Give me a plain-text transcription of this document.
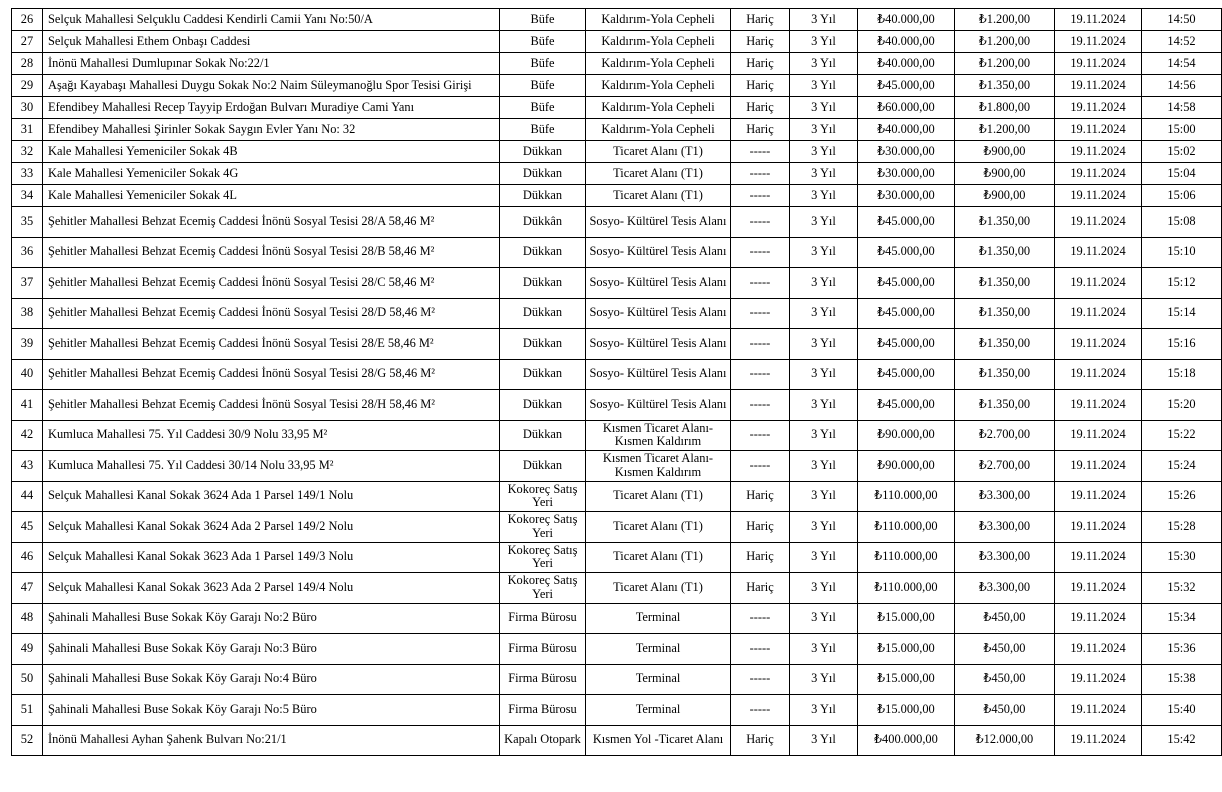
26	Selçuk Mahallesi Selçuklu Caddesi Kendirli Camii Yanı No:50/A	Büfe	Kaldırım-Yola Cepheli	Hariç	3 Yıl	₺40.000,00	₺1.200,00	19.11.2024	14:50
27	Selçuk Mahallesi Ethem Onbaşı Caddesi	Büfe	Kaldırım-Yola Cepheli	Hariç	3 Yıl	₺40.000,00	₺1.200,00	19.11.2024	14:52
28	İnönü Mahallesi Dumlupınar Sokak No:22/1	Büfe	Kaldırım-Yola Cepheli	Hariç	3 Yıl	₺40.000,00	₺1.200,00	19.11.2024	14:54
29	Aşağı Kayabaşı Mahallesi Duygu Sokak No:2 Naim Süleymanoğlu Spor Tesisi Girişi	Büfe	Kaldırım-Yola Cepheli	Hariç	3 Yıl	₺45.000,00	₺1.350,00	19.11.2024	14:56
30	Efendibey Mahallesi Recep Tayyip Erdoğan Bulvarı Muradiye Cami Yanı	Büfe	Kaldırım-Yola Cepheli	Hariç	3 Yıl	₺60.000,00	₺1.800,00	19.11.2024	14:58
31	Efendibey Mahallesi Şirinler Sokak Saygın Evler Yanı No: 32	Büfe	Kaldırım-Yola Cepheli	Hariç	3 Yıl	₺40.000,00	₺1.200,00	19.11.2024	15:00
32	Kale Mahallesi Yemeniciler Sokak 4B	Dükkan	Ticaret Alanı (T1)	-----	3 Yıl	₺30.000,00	₺900,00	19.11.2024	15:02
33	Kale Mahallesi Yemeniciler Sokak 4G	Dükkan	Ticaret Alanı (T1)	-----	3 Yıl	₺30.000,00	₺900,00	19.11.2024	15:04
34	Kale Mahallesi Yemeniciler Sokak 4L	Dükkan	Ticaret Alanı (T1)	-----	3 Yıl	₺30.000,00	₺900,00	19.11.2024	15:06
35	Şehitler Mahallesi Behzat Ecemiş Caddesi İnönü Sosyal Tesisi 28/A 58,46 M²	Dükkân	Sosyo- Kültürel Tesis Alanı	-----	3 Yıl	₺45.000,00	₺1.350,00	19.11.2024	15:08
36	Şehitler Mahallesi Behzat Ecemiş Caddesi İnönü Sosyal Tesisi 28/B 58,46 M²	Dükkan	Sosyo- Kültürel Tesis Alanı	-----	3 Yıl	₺45.000,00	₺1.350,00	19.11.2024	15:10
37	Şehitler Mahallesi Behzat Ecemiş Caddesi İnönü Sosyal Tesisi 28/C 58,46 M²	Dükkan	Sosyo- Kültürel Tesis Alanı	-----	3 Yıl	₺45.000,00	₺1.350,00	19.11.2024	15:12
38	Şehitler Mahallesi Behzat Ecemiş Caddesi İnönü Sosyal Tesisi 28/D 58,46 M²	Dükkan	Sosyo- Kültürel Tesis Alanı	-----	3 Yıl	₺45.000,00	₺1.350,00	19.11.2024	15:14
39	Şehitler Mahallesi Behzat Ecemiş Caddesi İnönü Sosyal Tesisi 28/E 58,46 M²	Dükkan	Sosyo- Kültürel Tesis Alanı	-----	3 Yıl	₺45.000,00	₺1.350,00	19.11.2024	15:16
40	Şehitler Mahallesi Behzat Ecemiş Caddesi İnönü Sosyal Tesisi 28/G 58,46 M²	Dükkan	Sosyo- Kültürel Tesis Alanı	-----	3 Yıl	₺45.000,00	₺1.350,00	19.11.2024	15:18
41	Şehitler Mahallesi Behzat Ecemiş Caddesi İnönü Sosyal Tesisi 28/H 58,46 M²	Dükkan	Sosyo- Kültürel Tesis Alanı	-----	3 Yıl	₺45.000,00	₺1.350,00	19.11.2024	15:20
42	Kumluca Mahallesi 75. Yıl Caddesi 30/9 Nolu 33,95 M²	Dükkan	Kısmen Ticaret Alanı- Kısmen Kaldırım	-----	3 Yıl	₺90.000,00	₺2.700,00	19.11.2024	15:22
43	Kumluca Mahallesi 75. Yıl Caddesi 30/14 Nolu 33,95 M²	Dükkan	Kısmen Ticaret Alanı- Kısmen Kaldırım	-----	3 Yıl	₺90.000,00	₺2.700,00	19.11.2024	15:24
44	Selçuk Mahallesi Kanal Sokak 3624 Ada 1 Parsel 149/1 Nolu	Kokoreç Satış Yeri	Ticaret Alanı (T1)	Hariç	3 Yıl	₺110.000,00	₺3.300,00	19.11.2024	15:26
45	Selçuk Mahallesi Kanal Sokak 3624 Ada 2 Parsel 149/2 Nolu	Kokoreç Satış Yeri	Ticaret Alanı (T1)	Hariç	3 Yıl	₺110.000,00	₺3.300,00	19.11.2024	15:28
46	Selçuk Mahallesi Kanal Sokak 3623 Ada 1 Parsel 149/3 Nolu	Kokoreç Satış Yeri	Ticaret Alanı (T1)	Hariç	3 Yıl	₺110.000,00	₺3.300,00	19.11.2024	15:30
47	Selçuk Mahallesi Kanal Sokak 3623 Ada 2 Parsel 149/4 Nolu	Kokoreç Satış Yeri	Ticaret Alanı (T1)	Hariç	3 Yıl	₺110.000,00	₺3.300,00	19.11.2024	15:32
48	Şahinali Mahallesi Buse Sokak Köy Garajı No:2 Büro	Firma Bürosu	Terminal	-----	3 Yıl	₺15.000,00	₺450,00	19.11.2024	15:34
49	Şahinali Mahallesi Buse Sokak Köy Garajı No:3 Büro	Firma Bürosu	Terminal	-----	3 Yıl	₺15.000,00	₺450,00	19.11.2024	15:36
50	Şahinali Mahallesi Buse Sokak Köy Garajı No:4 Büro	Firma Bürosu	Terminal	-----	3 Yıl	₺15.000,00	₺450,00	19.11.2024	15:38
51	Şahinali Mahallesi Buse Sokak Köy Garajı No:5 Büro	Firma Bürosu	Terminal	-----	3 Yıl	₺15.000,00	₺450,00	19.11.2024	15:40
52	İnönü Mahallesi Ayhan Şahenk Bulvarı No:21/1	Kapalı Otopark	Kısmen Yol -Ticaret Alanı	Hariç	3 Yıl	₺400.000,00	₺12.000,00	19.11.2024	15:42
